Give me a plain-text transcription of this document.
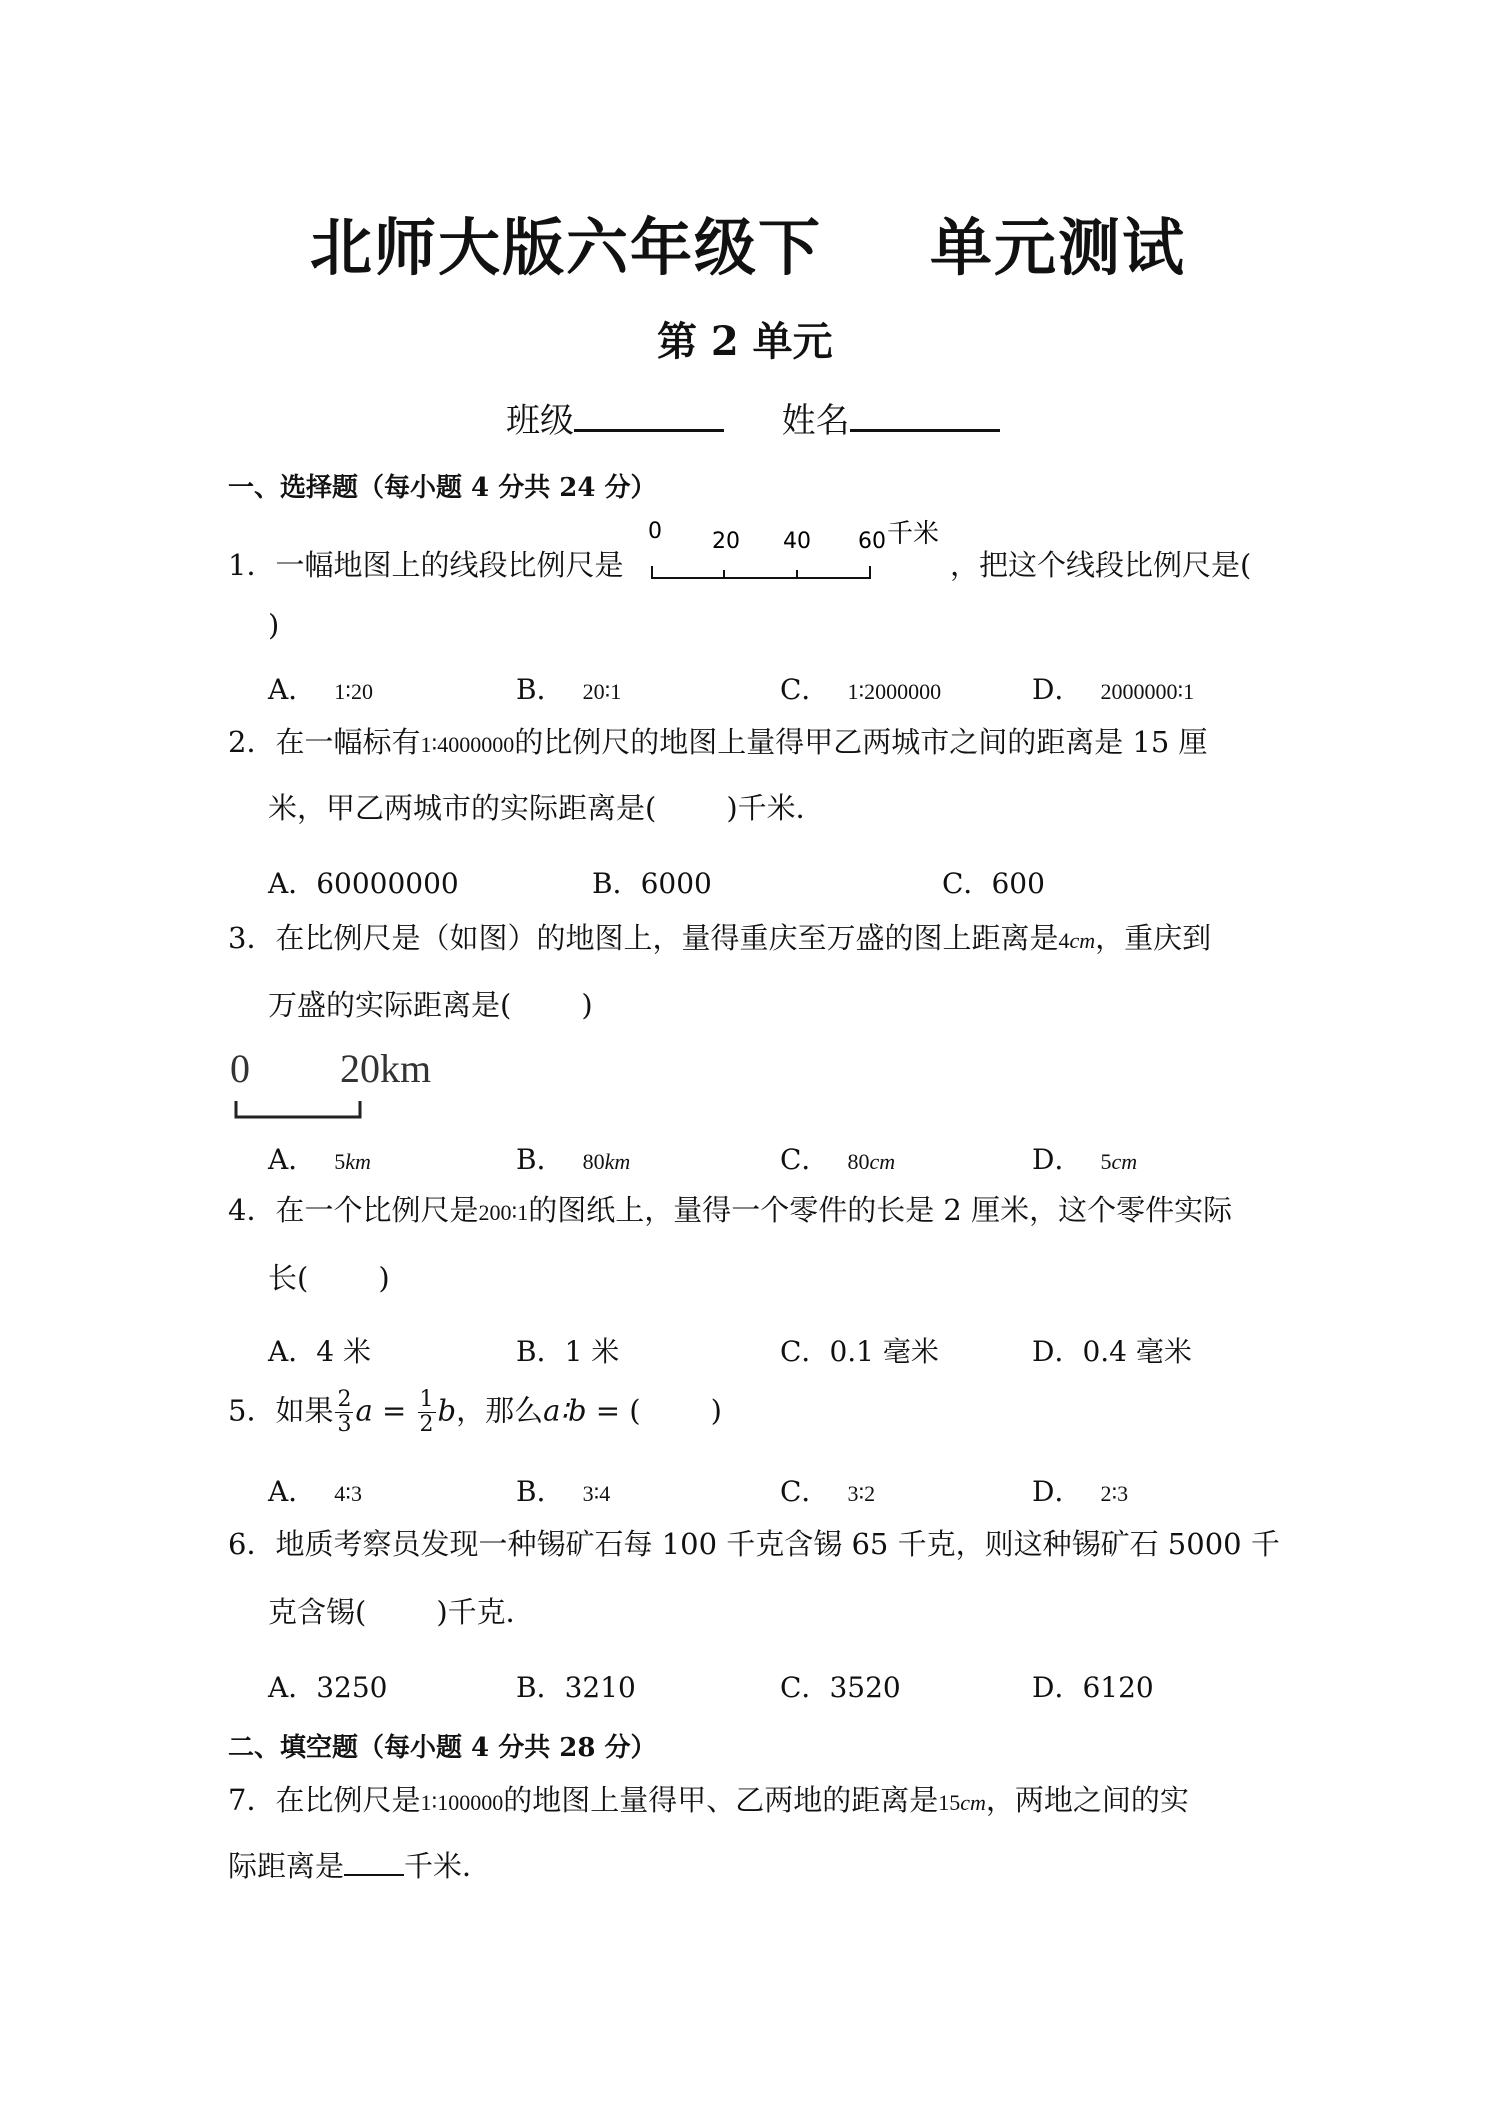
北师大版六年级下 单元测试
第 2 单元
班级	姓名
一、选择题（每小题 4 分共 24 分）
1．一幅地图上的线段比例尺是
0 20 40 60 千米
，把这个线段比例尺是(
)
A． 1∶20	B． 20∶1	C． 1∶2000000	D． 2000000∶1
2．在一幅标有1∶4000000的比例尺的地图上量得甲乙两城市之间的距离是 15 厘
米，甲乙两城市的实际距离是( )千米．
A．60000000	B．6000	C．600
3．在比例尺是（如图）的地图上，量得重庆至万盛的图上距离是4cm，重庆到
万盛的实际距离是( )
0 20km
A． 5km	B． 80km	C． 80cm	D． 5cm
4．在一个比例尺是200∶1的图纸上，量得一个零件的长是 2 厘米，这个零件实际
长( )
A．4 米	B．1 米	C．0.1 毫米	D．0.4 毫米
5．如果 $\frac{2}{3}$ $a = \frac{1}{2}$ b，那么a∶b = ( )
A． 4∶3	B． 3∶4	C． 3∶2	D． 2∶3
6．地质考察员发现一种锡矿石每 100 千克含锡 65 千克，则这种锡矿石 5000 千
克含锡( )千克．
A．3250	B．3210	C．3520	D．6120
二、填空题（每小题 4 分共 28 分）
7．在比例尺是1∶100000的地图上量得甲、乙两地的距离是15cm，两地之间的实
际距离是 千米．
